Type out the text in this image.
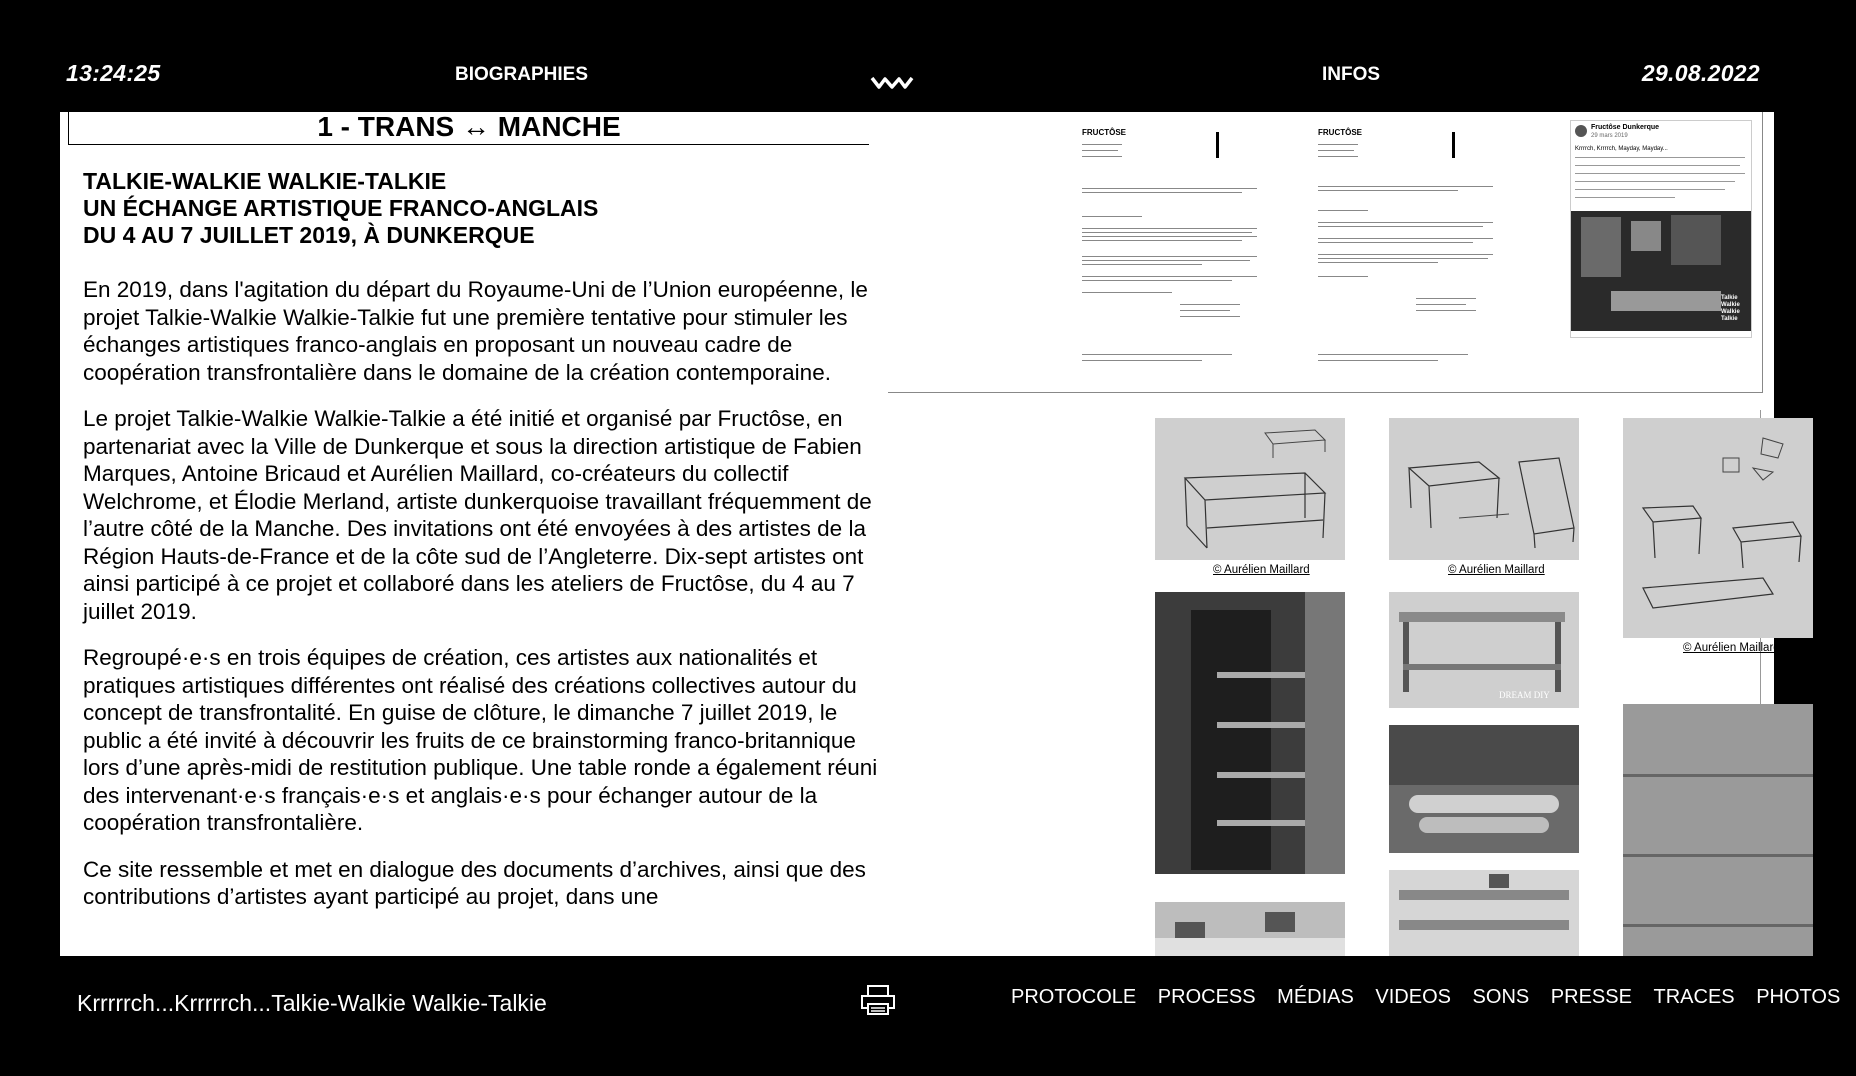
13:24:25	BIOGRAPHIES	INFOS	29.08.2022
1 - TRANS ↔ MANCHE
TALKIE-WALKIE WALKIE-TALKIE
UN ÉCHANGE ARTISTIQUE FRANCO-ANGLAIS
DU 4 AU 7 JUILLET 2019, À DUNKERQUE

En 2019, dans l'agitation du départ du Royaume-Uni de l’Union européenne, le projet Talkie-Walkie Walkie-Talkie fut une première tentative pour stimuler les échanges artistiques franco-anglais en proposant un nouveau cadre de coopération transfrontalière dans le domaine de la création contemporaine.

Le projet Talkie-Walkie Walkie-Talkie a été initié et organisé par Fructôse, en partenariat avec la Ville de Dunkerque et sous la direction artistique de Fabien Marques, Antoine Bricaud et Aurélien Maillard, co-créateurs du collectif Welchrome, et Élodie Merland, artiste dunkerquoise travaillant fréquemment de l’autre côté de la Manche. Des invitations ont été envoyées à des artistes de la Région Hauts-de-France et de la côte sud de l’Angleterre. Dix-sept artistes ont ainsi participé à ce projet et collaboré dans les ateliers de Fructôse, du 4 au 7 juillet 2019.

Regroupé·e·s en trois équipes de création, ces artistes aux nationalités et pratiques artistiques différentes ont réalisé des créations collectives autour du concept de transfrontalité. En guise de clôture, le dimanche 7 juillet 2019, le public a été invité à découvrir les fruits de ce brainstorming franco-britannique lors d’une après-midi de restitution publique. Une table ronde a également réuni des intervenant·e·s français·e·s et anglais·e·s pour échanger autour de la coopération transfrontalière.

Ce site ressemble et met en dialogue des documents d’archives, ainsi que des contributions d’artistes ayant participé au projet, dans une

FRUCTÔSE	FRUCTÔSE
Fructôse Dunkerque
29 mars 2019
Krrrrch, Krrrrch, Mayday, Mayday...
Talkie Walkie Walkie Talkie
© Aurélien Maillard	© Aurélien Maillard
DREAM DIY
© Aurélien Maillard
Krrrrrch...Krrrrrch...Talkie-Walkie Walkie-Talkie	PROTOCOLE PROCESS MÉDIAS VIDEOS SONS PRESSE TRACES PHOTOS
